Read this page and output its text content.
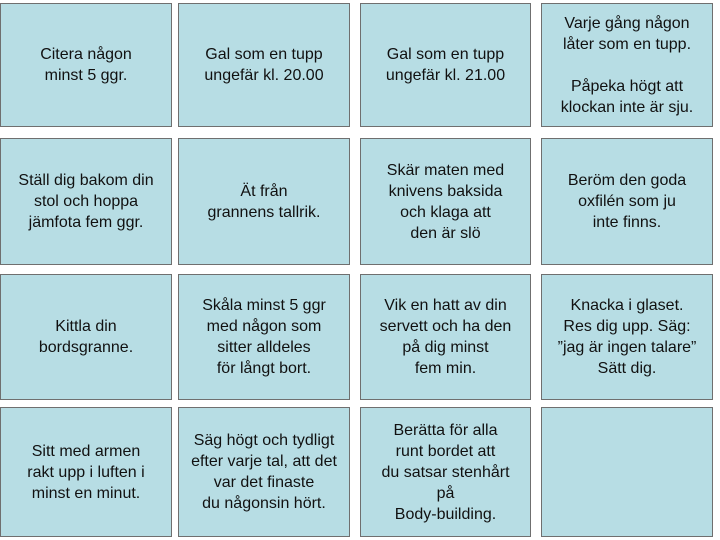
Citera någon
minst 5 ggr.
Gal som en tupp
ungefär kl. 20.00
Gal som en tupp
ungefär kl. 21.00
Varje gång någon
låter som en tupp.

Påpeka högt att
klockan inte är sju.
Ställ dig bakom din
stol och hoppa
jämfota fem ggr.
Ät från
grannens tallrik.
Skär maten med
knivens baksida
och klaga att
den är slö
Beröm den goda
oxfilén som ju
inte finns.
Kittla din
bordsgranne.
Skåla minst 5 ggr
med någon som
sitter alldeles
för långt bort.
Vik en hatt av din
servett och ha den
på dig minst
fem min.
Knacka i glaset.
Res dig upp. Säg:
”jag är ingen talare”
Sätt dig.
Sitt med armen
rakt upp i luften i
minst en minut.
Säg högt och tydligt
efter varje tal, att det
var det finaste
du någonsin hört.
Berätta för alla
runt bordet att
du satsar stenhårt
på
Body-building.
